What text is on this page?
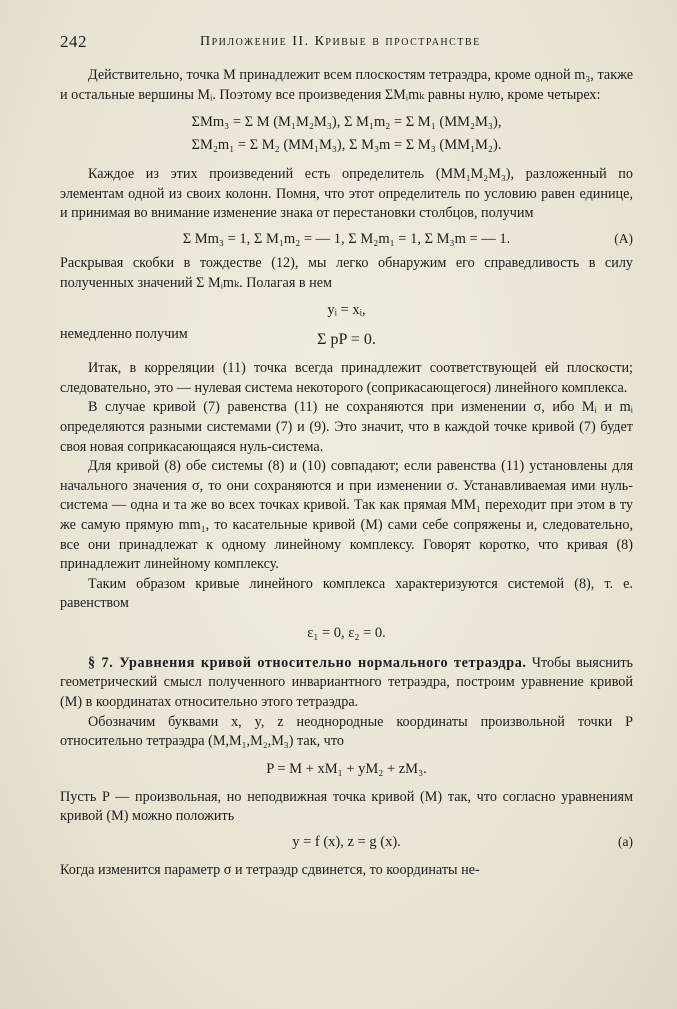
242	Приложение II. Кривые в пространстве

Действительно, точка M принадлежит всем плоскостям тетраэдра, кроме одной m₃, также и остальные вершины Mᵢ. Поэтому все произведения ΣMᵢmₖ равны нулю, кроме четырех:

ΣMm₃ = Σ M (M₁M₂M₃), Σ M₁m₂ = Σ M₁ (MM₂M₃),
ΣM₂m₁ = Σ M₂ (MM₁M₃), Σ M₃m = Σ M₃ (MM₁M₂).

Каждое из этих произведений есть определитель (MM₁M₂M₃), разложенный по элементам одной из своих колонн. Помня, что этот определитель по условию равен единице, и принимая во внимание изменение знака от перестановки столбцов, получим

Σ Mm₃ = 1, Σ M₁m₂ = — 1, Σ M₂m₁ = 1, Σ M₃m = — 1.	(A)

Раскрывая скобки в тождестве (12), мы легко обнаружим его справедливость в силу полученных значений Σ Mᵢmₖ. Полагая в нем

yᵢ = xᵢ,

немедленно получим	Σ pP = 0.

Итак, в корреляции (11) точка всегда принадлежит соответствующей ей плоскости; следовательно, это — нулевая система некоторого (соприкасающегося) линейного комплекса.

В случае кривой (7) равенства (11) не сохраняются при изменении σ, ибо Mᵢ и mᵢ определяются разными системами (7) и (9). Это значит, что в каждой точке кривой (7) будет своя новая соприкасающаяся нуль-система.

Для кривой (8) обе системы (8) и (10) совпадают; если равенства (11) установлены для начального значения σ, то они сохраняются и при изменении σ. Устанавливаемая ими нуль-система — одна и та же во всех точках кривой. Так как прямая MM₁ переходит при этом в ту же самую прямую mm₁, то касательные кривой (M) сами себе сопряжены и, следовательно, все они принадлежат к одному линейному комплексу. Говорят коротко, что кривая (8) принадлежит линейному комплексу.

Таким образом кривые линейного комплекса характеризуются системой (8), т. е. равенством

ε₁ = 0, ε₂ = 0.

§ 7. Уравнения кривой относительно нормального тетраэдра. Чтобы выяснить геометрический смысл полученного инвариантного тетраэдра, построим уравнение кривой (M) в координатах относительно этого тетраэдра.

Обозначим буквами x, y, z неоднородные координаты произвольной точки P относительно тетраэдра (M,M₁,M₂,M₃) так, что

P = M + xM₁ + yM₂ + zM₃.

Пусть P — произвольная, но неподвижная точка кривой (M) так, что согласно уравнениям кривой (M) можно положить

y = f (x), z = g (x).	(a)

Когда изменится параметр σ и тетраэдр сдвинется, то координаты не-
